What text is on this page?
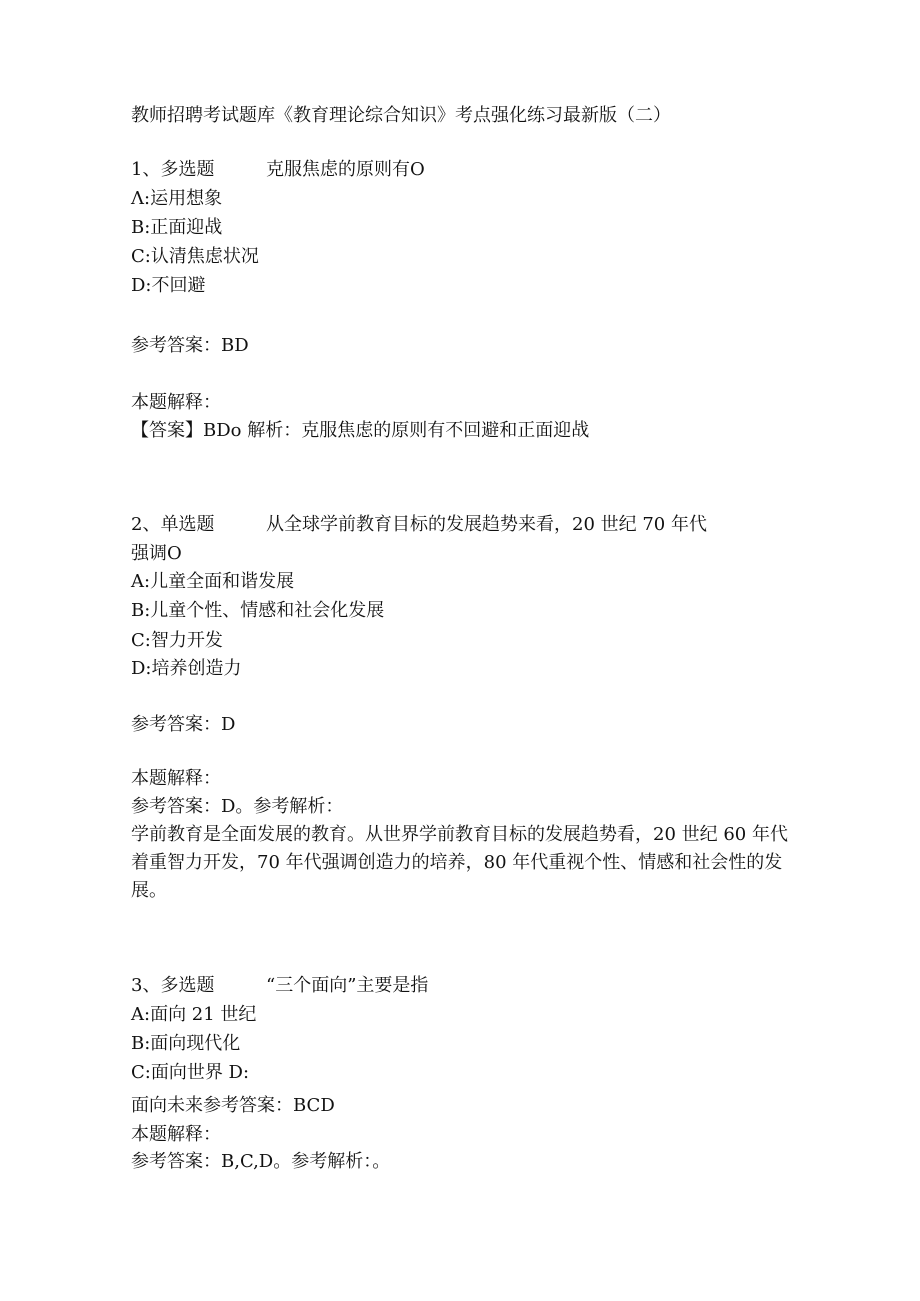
教师招聘考试题库《教育理论综合知识》考点强化练习最新版（二）
1、多选题	克服焦虑的原则有O
Λ:运用想象
B:正面迎战
C:认清焦虑状况
D:不回避
参考答案：BD
本题解释：
【答案】BDo 解析：克服焦虑的原则有不回避和正面迎战
2、单选题	从全球学前教育目标的发展趋势来看，20 世纪 70 年代
强调O
A:儿童全面和谐发展
B:儿童个性、情感和社会化发展
C:智力开发
D:培养创造力
参考答案：D
本题解释：
参考答案：D。参考解析：
学前教育是全面发展的教育。从世界学前教育目标的发展趋势看，20 世纪 60 年代着重智力开发，70 年代强调创造力的培养，80 年代重视个性、情感和社会性的发展。
3、多选题	“三个面向”主要是指
A:面向 21 世纪
B:面向现代化
C:面向世界 D:
面向未来参考答案：BCD
本题解释：
参考答案：B,C,D。参考解析：。
